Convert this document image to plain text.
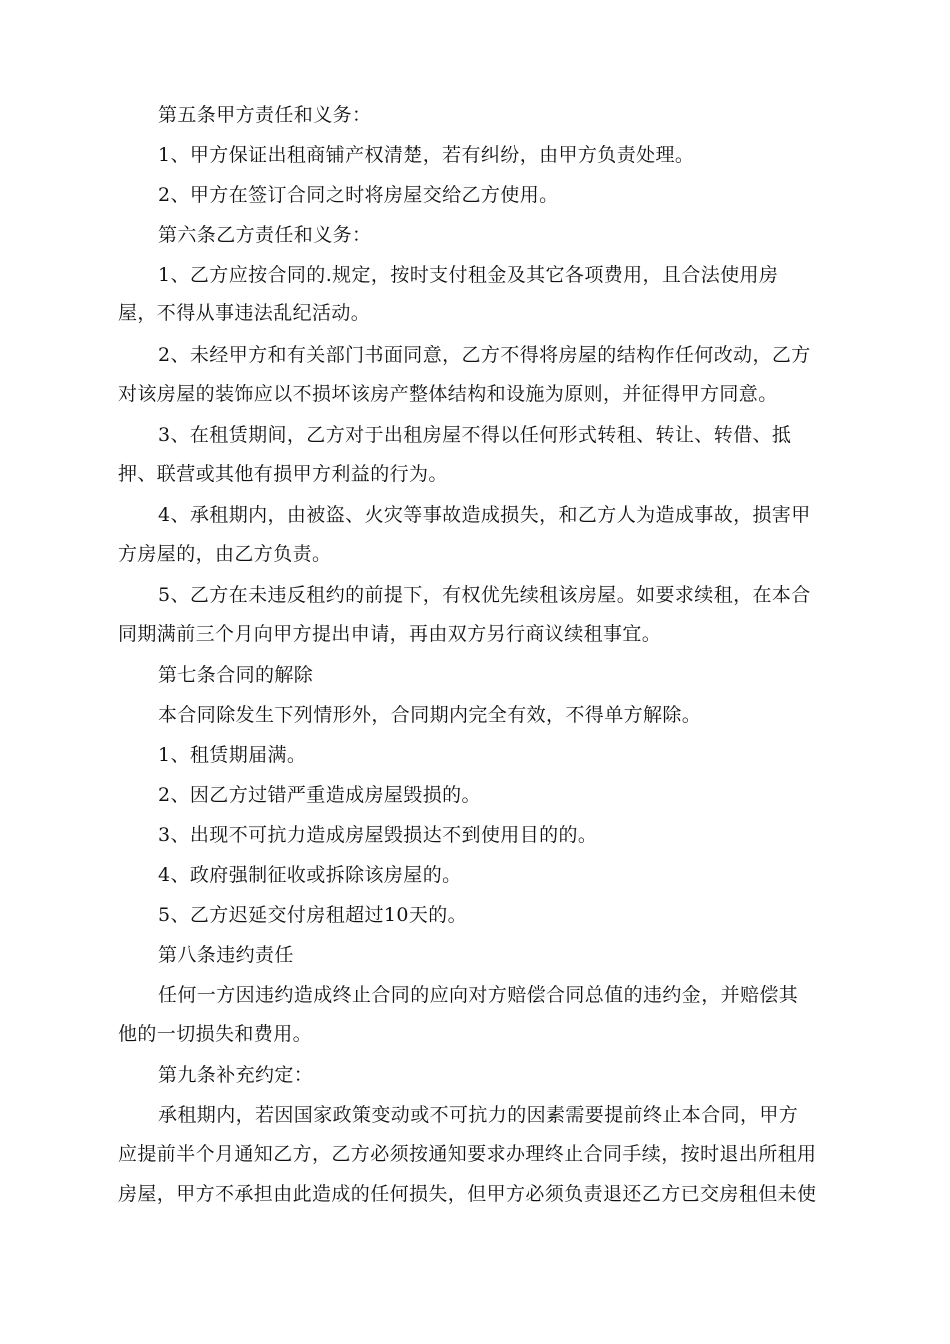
第五条甲方责任和义务：
1、甲方保证出租商铺产权清楚，若有纠纷，由甲方负责处理。
2、甲方在签订合同之时将房屋交给乙方使用。
第六条乙方责任和义务：
1、乙方应按合同的.规定，按时支付租金及其它各项费用，且合法使用房
屋，不得从事违法乱纪活动。
2、未经甲方和有关部门书面同意，乙方不得将房屋的结构作任何改动，乙方
对该房屋的装饰应以不损坏该房产整体结构和设施为原则，并征得甲方同意。
3、在租赁期间，乙方对于出租房屋不得以任何形式转租、转让、转借、抵
押、联营或其他有损甲方利益的行为。
4、承租期内，由被盗、火灾等事故造成损失，和乙方人为造成事故，损害甲
方房屋的，由乙方负责。
5、乙方在未违反租约的前提下，有权优先续租该房屋。如要求续租，在本合
同期满前三个月向甲方提出申请，再由双方另行商议续租事宜。
第七条合同的解除
本合同除发生下列情形外，合同期内完全有效，不得单方解除。
1、租赁期届满。
2、因乙方过错严重造成房屋毁损的。
3、出现不可抗力造成房屋毁损达不到使用目的的。
4、政府强制征收或拆除该房屋的。
5、乙方迟延交付房租超过10天的。
第八条违约责任
任何一方因违约造成终止合同的应向对方赔偿合同总值的违约金，并赔偿其
他的一切损失和费用。
第九条补充约定：
承租期内，若因国家政策变动或不可抗力的因素需要提前终止本合同，甲方
应提前半个月通知乙方，乙方必须按通知要求办理终止合同手续，按时退出所租用
房屋，甲方不承担由此造成的任何损失，但甲方必须负责退还乙方已交房租但未使
